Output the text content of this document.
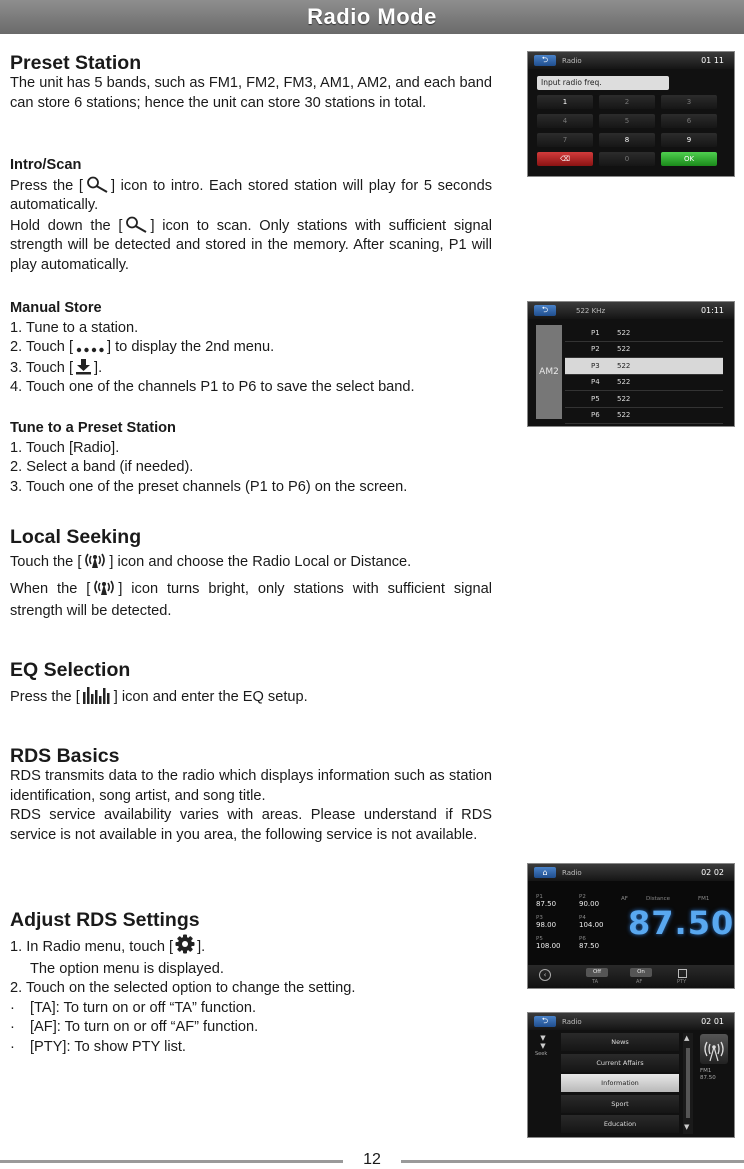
Radio Mode
Preset Station
The unit has 5 bands, such as FM1, FM2, FM3, AM1, AM2, and each band can store 6 stations; hence the unit can store 30 stations in total.
Intro/Scan
Press the [ ] icon to intro. Each stored station will play for 5 seconds automatically.
Hold down the [ ] icon to scan. Only stations with sufficient signal strength will be detected and stored in the memory. After scaning, P1 will play automatically.
Manual Store
1. Tune to a station.
2. Touch [ ] to display the 2nd menu.
3. Touch [ ].
4. Touch one of the channels P1 to P6 to save the select band.
Tune to a Preset Station
1. Touch [Radio].
2. Select a band (if needed).
3. Touch one of the preset channels (P1 to P6) on the screen.
Local Seeking
Touch the [ ] icon and choose the Radio Local or Distance.
When the [ ] icon turns bright, only stations with sufficient signal strength will be detected.
EQ Selection
Press the [ ] icon and enter the EQ setup.
RDS Basics
RDS transmits data to the radio which displays information such as station identification, song artist, and song title.
RDS service availability varies with areas. Please understand if RDS service is not available in you area, the following service is not available.
Adjust RDS Settings
1. In Radio menu, touch [ ].
The option menu is displayed.
2. Touch on the selected option to change the setting.
·	[TA]: To turn on or off “TA” function.
·	[AF]: To turn on or off “AF” function.
·	[PTY]: To show PTY list.
⮌	Radio	01 11
Input radio freq.
1	2	3
4	5	6
7	8	9
⌫	0	OK
⮌	522 KHz	01:11
AM2
P1	522
P2	522
P3	522
P4	522
P5	522
P6	522
⌂	Radio	02 02
P1
87.50
P2
90.00
P3
98.00
P4
104.00
P5
108.00
P6
87.50
AF	Distance	FM1
87.50
‹	Off
TA
On
AF	PTY
⮌	Radio	02 01
▼
▼
Seek
News
Current Affairs
Information
Sport
Education
▲
▼
FM1
87.50
12
